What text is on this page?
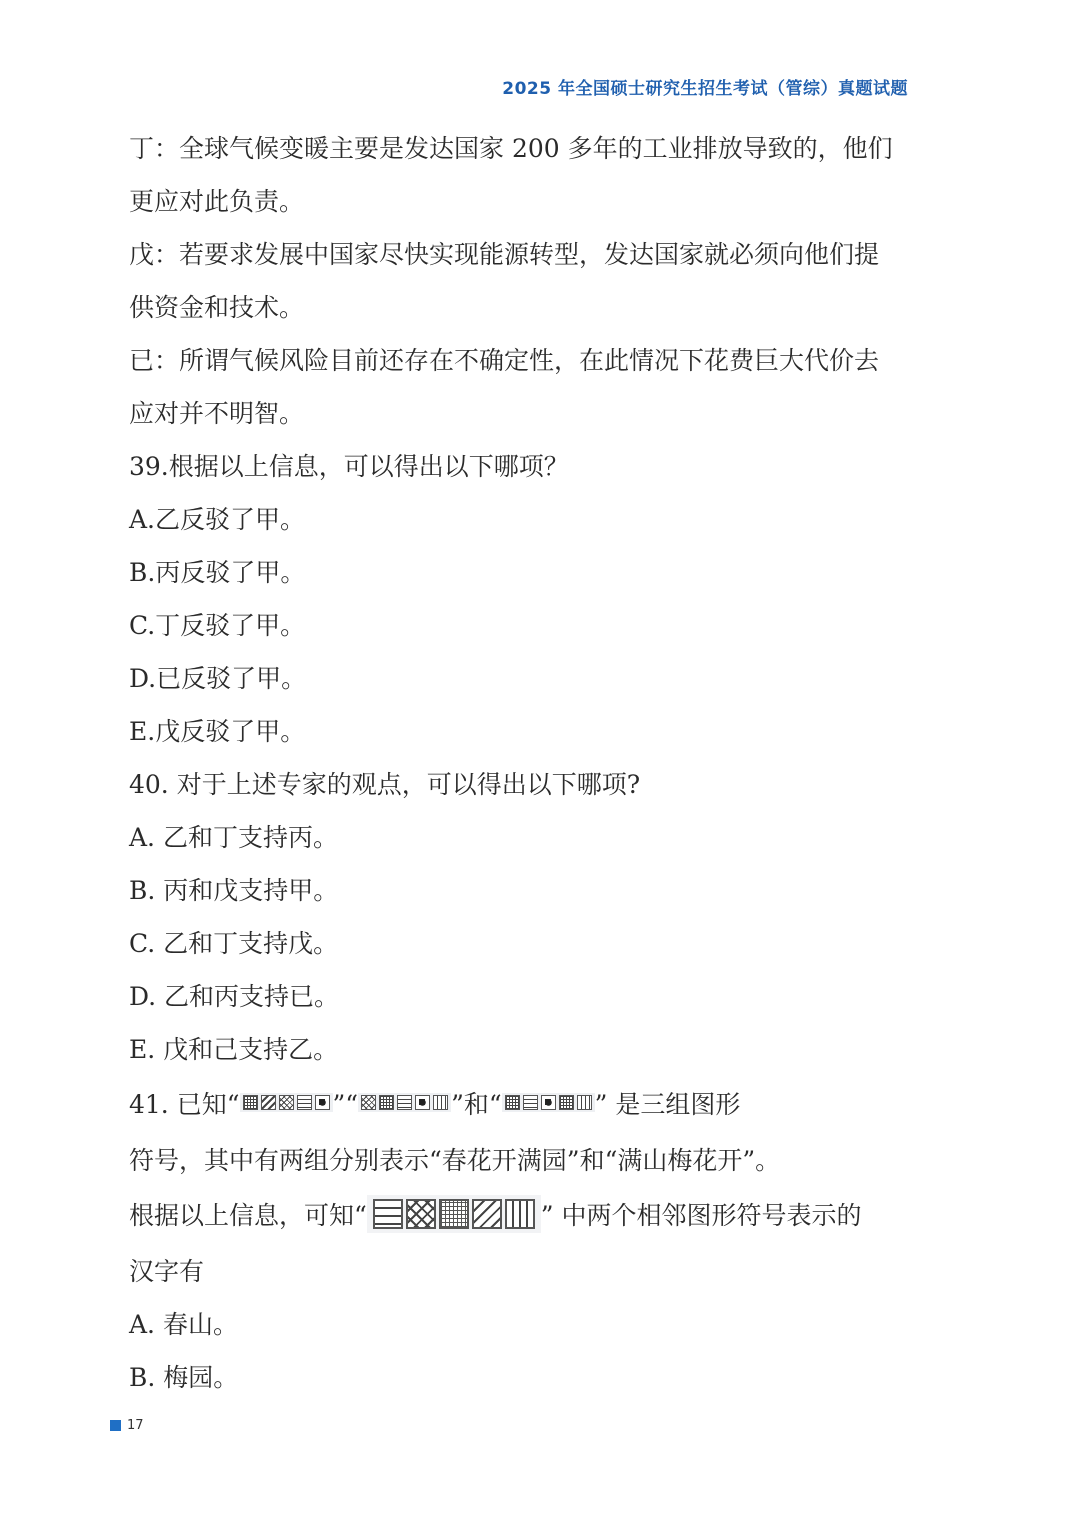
2025 年全国硕士研究生招生考试（管综）真题试题
丁：全球气候变暖主要是发达国家 200 多年的工业排放导致的，他们
更应对此负责。
戊：若要求发展中国家尽快实现能源转型，发达国家就必须向他们提
供资金和技术。
已：所谓气候风险目前还存在不确定性，在此情况下花费巨大代价去
应对并不明智。
39.根据以上信息，可以得出以下哪项？
A.乙反驳了甲。
B.丙反驳了甲。
C.丁反驳了甲。
D.已反驳了甲。
E.戊反驳了甲。
40. 对于上述专家的观点，可以得出以下哪项?
A. 乙和丁支持丙。
B. 丙和戊支持甲。
C. 乙和丁支持戊。
D. 乙和丙支持已。
E. 戊和己支持乙。
41. 已知“	”“	”和“	” 是三组图形
符号，其中有两组分别表示“春花开满园”和“满山梅花开”。
根据以上信息，可知“	” 中两个相邻图形符号表示的
汉字有
A. 春山。
B. 梅园。
17
